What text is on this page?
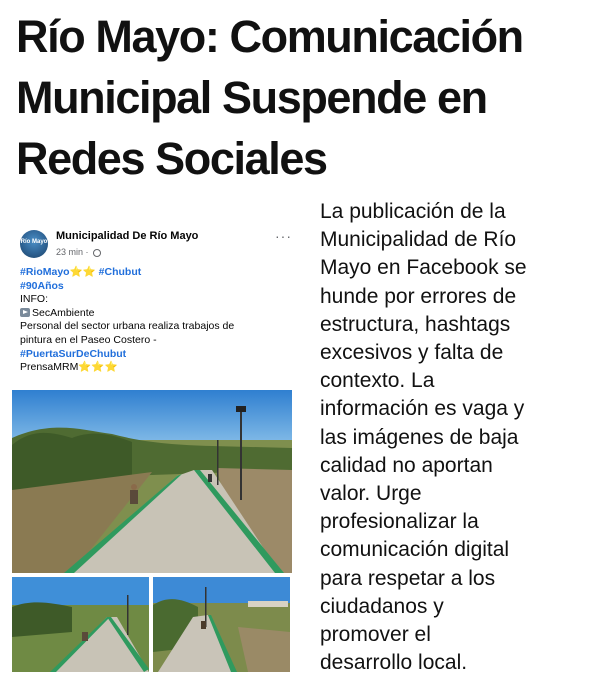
Río Mayo: Comunicación
Municipal Suspende en
Redes Sociales
Río Mayo Municipalidad De Río Mayo
23 min ·
···
#RioMayo⭐⭐ #Chubut
#90Años
INFO:
SecAmbiente
Personal del sector urbana realiza trabajos de
pintura en el Paseo Costero -
#PuertaSurDeChubut
PrensaMRM⭐⭐⭐

La publicación de la
Municipalidad de Río
Mayo en Facebook se
hunde por errores de
estructura, hashtags
excesivos y falta de
contexto. La
información es vaga y
las imágenes de baja
calidad no aportan
valor. Urge
profesionalizar la
comunicación digital
para respetar a los
ciudadanos y
promover el
desarrollo local.
